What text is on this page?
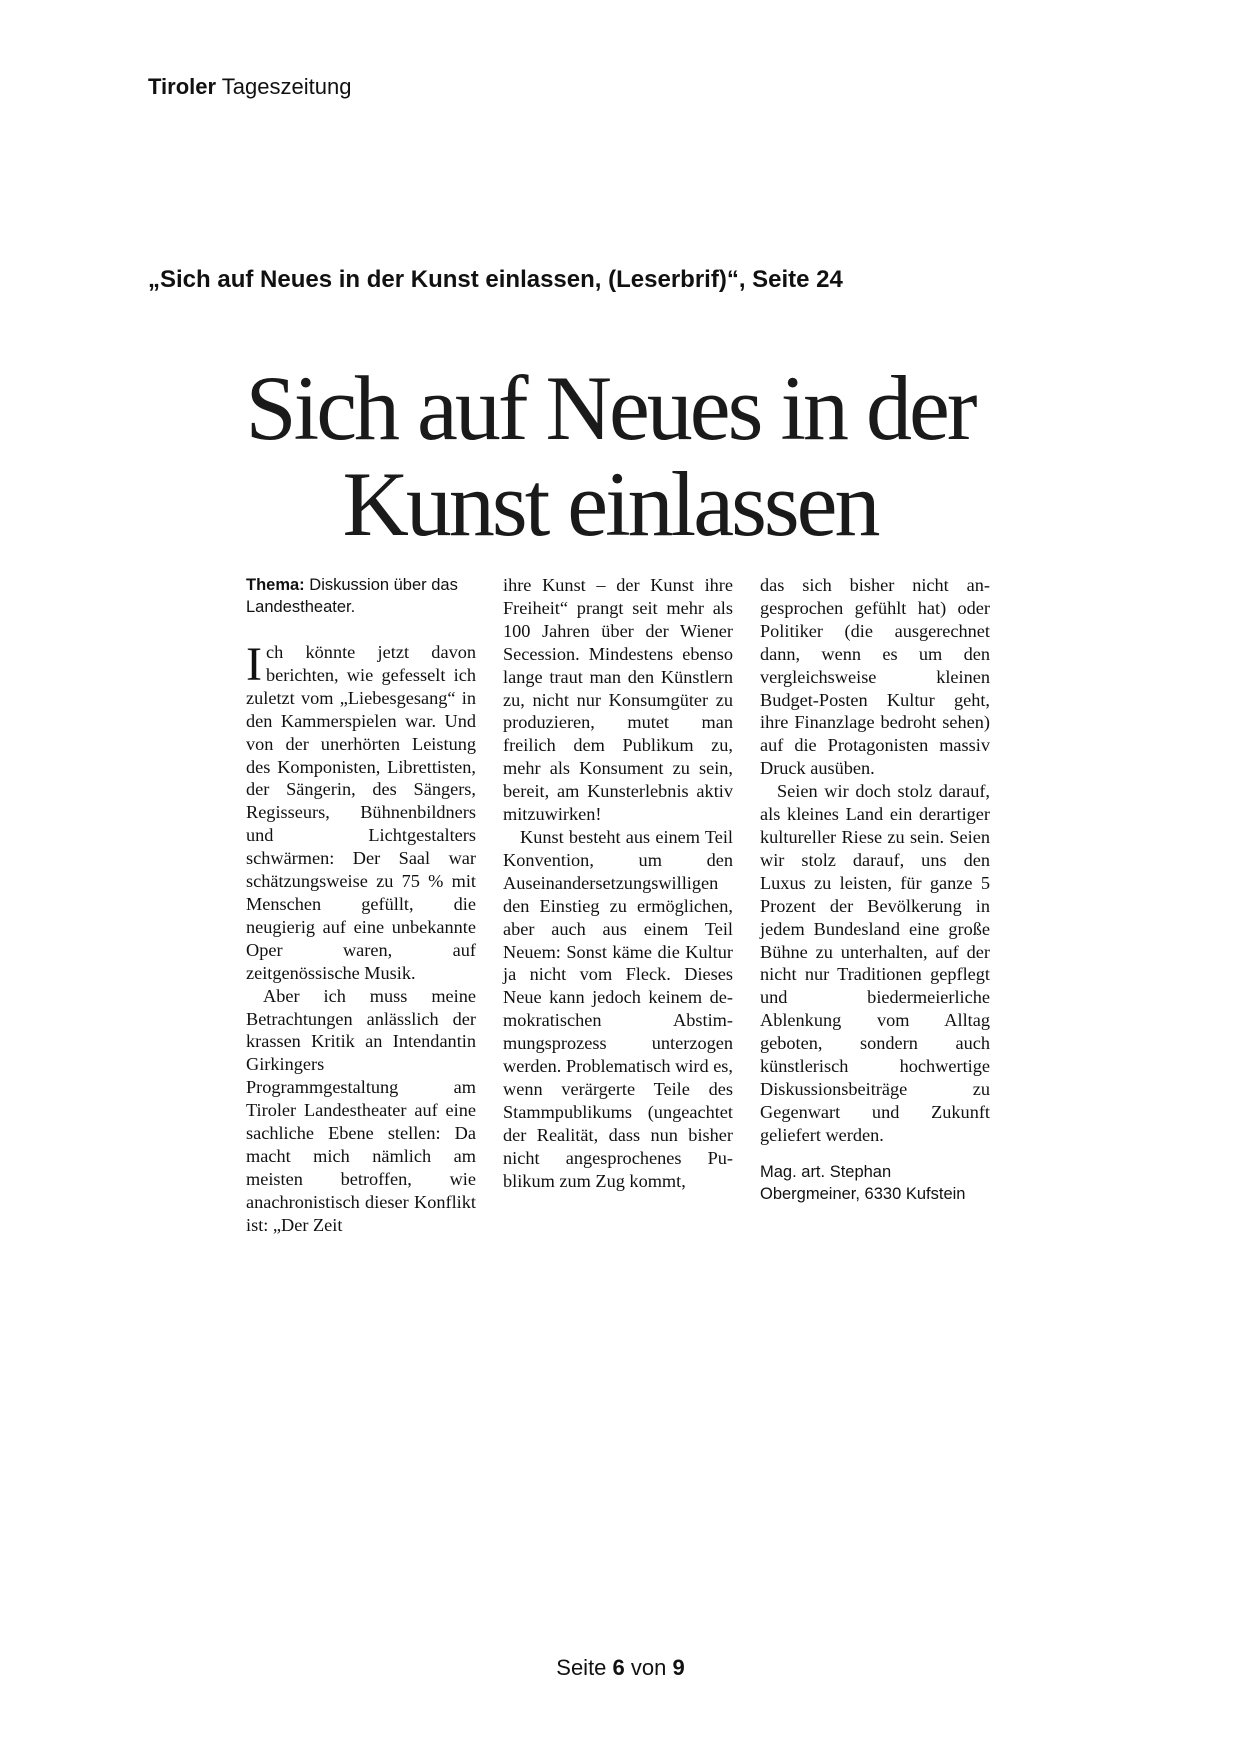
Tiroler Tageszeitung
„Sich auf Neues in der Kunst einlassen, (Leserbrif)“, Seite 24
Sich auf Neues in der
Kunst einlassen

Thema: Diskussion über das Landestheater.

Ich könnte jetzt davon berichten, wie gefesselt ich zuletzt vom „Liebesgesang“ in den Kammerspielen war. Und von der unerhörten Leistung des Komponisten, Librettisten, der Sängerin, des Sängers, Regisseurs, Bühnenbildners und Lichtgestalters schwärmen: Der Saal war schätzungsweise zu 75 % mit Menschen gefüllt, die neugierig auf eine unbekannte Oper waren, auf zeitgenössische Musik.

Aber ich muss meine Betrachtungen anlässlich der krassen Kritik an Intendantin Girkingers Programmgestaltung am Tiroler Landestheater auf eine sachliche Ebene stellen: Da macht mich nämlich am meisten betroffen, wie anachronistisch dieser Konflikt ist: „Der Zeit

ihre Kunst – der Kunst ihre Freiheit“ prangt seit mehr als 100 Jahren über der Wiener Secession. Mindestens ebenso lange traut man den Künstlern zu, nicht nur Konsumgüter zu produzieren, mutet man freilich dem Publikum zu, mehr als Konsument zu sein, bereit, am Kunsterlebnis aktiv mitzuwirken!

Kunst besteht aus einem Teil Konvention, um den Auseinandersetzungswilligen den Einstieg zu ermöglichen, aber auch aus einem Teil Neuem: Sonst käme die Kultur ja nicht vom Fleck. Dieses Neue kann jedoch keinem demokratischen Abstimmungsprozess unterzogen werden. Problematisch wird es, wenn verärgerte Teile des Stammpublikums (ungeachtet der Realität, dass nun bisher nicht angesprochenes Publikum zum Zug kommt,

das sich bisher nicht angesprochen gefühlt hat) oder Politiker (die ausgerechnet dann, wenn es um den vergleichsweise kleinen Budget-Posten Kultur geht, ihre Finanzlage bedroht sehen) auf die Protagonisten massiv Druck ausüben.

Seien wir doch stolz darauf, als kleines Land ein derartiger kultureller Riese zu sein. Seien wir stolz darauf, uns den Luxus zu leisten, für ganze 5 Prozent der Bevölkerung in jedem Bundesland eine große Bühne zu unterhalten, auf der nicht nur Traditionen gepflegt und biedermeierliche Ablenkung vom Alltag geboten, sondern auch künstlerisch hochwertige Diskussionsbeiträge zu Gegenwart und Zukunft geliefert werden.

Mag. art. Stephan
Obergmeiner, 6330 Kufstein

Seite 6 von 9
